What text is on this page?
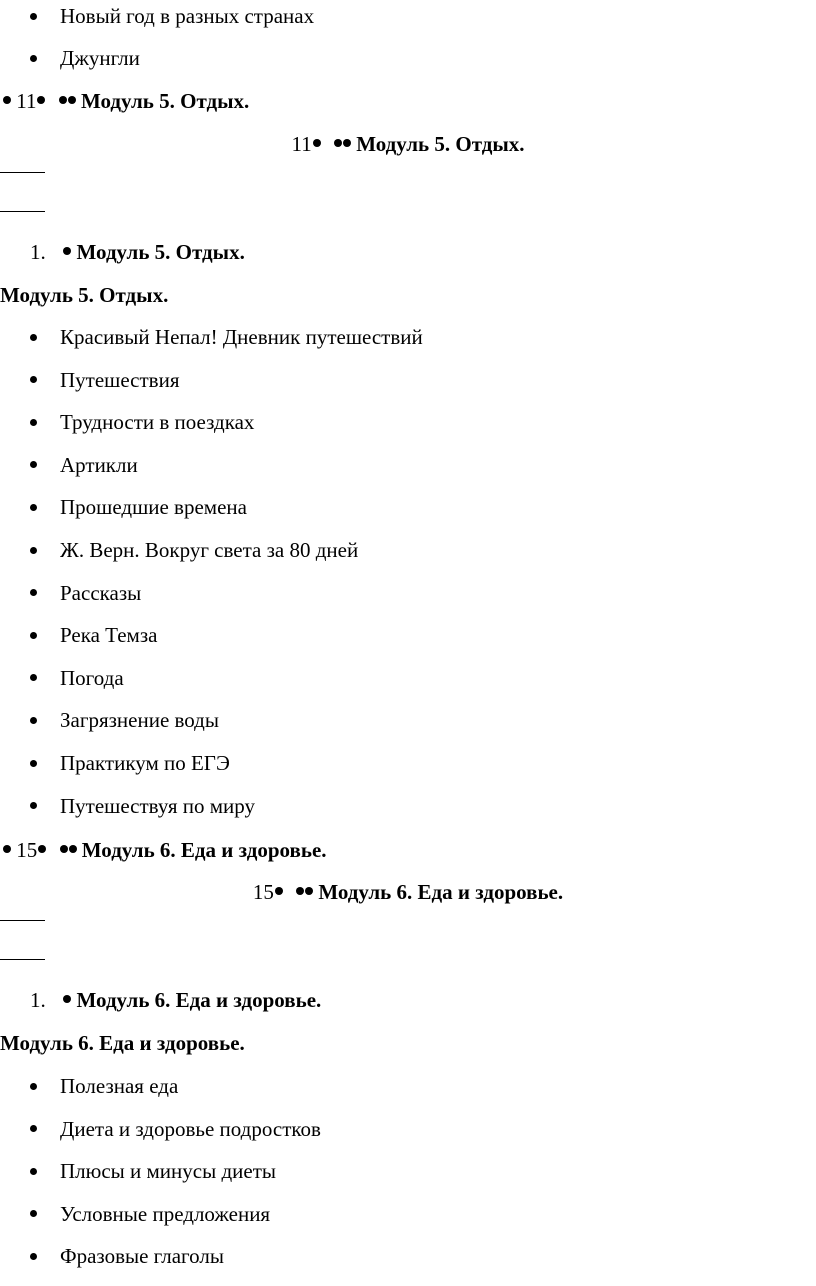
Новый год в разных странах
Джунгли
11 Модуль 5. Отдых.
11 Модуль 5. Отдых.
1. Модуль 5. Отдых.
Модуль 5. Отдых.
Красивый Непал! Дневник путешествий
Путешествия
Трудности в поездках
Артикли
Прошедшие времена
Ж. Верн. Вокруг света за 80 дней
Рассказы
Река Темза
Погода
Загрязнение воды
Практикум по ЕГЭ
Путешествуя по миру
15 Модуль 6. Еда и здоровье.
15 Модуль 6. Еда и здоровье.
1. Модуль 6. Еда и здоровье.
Модуль 6. Еда и здоровье.
Полезная еда
Диета и здоровье подростков
Плюсы и минусы диеты
Условные предложения
Фразовые глаголы
